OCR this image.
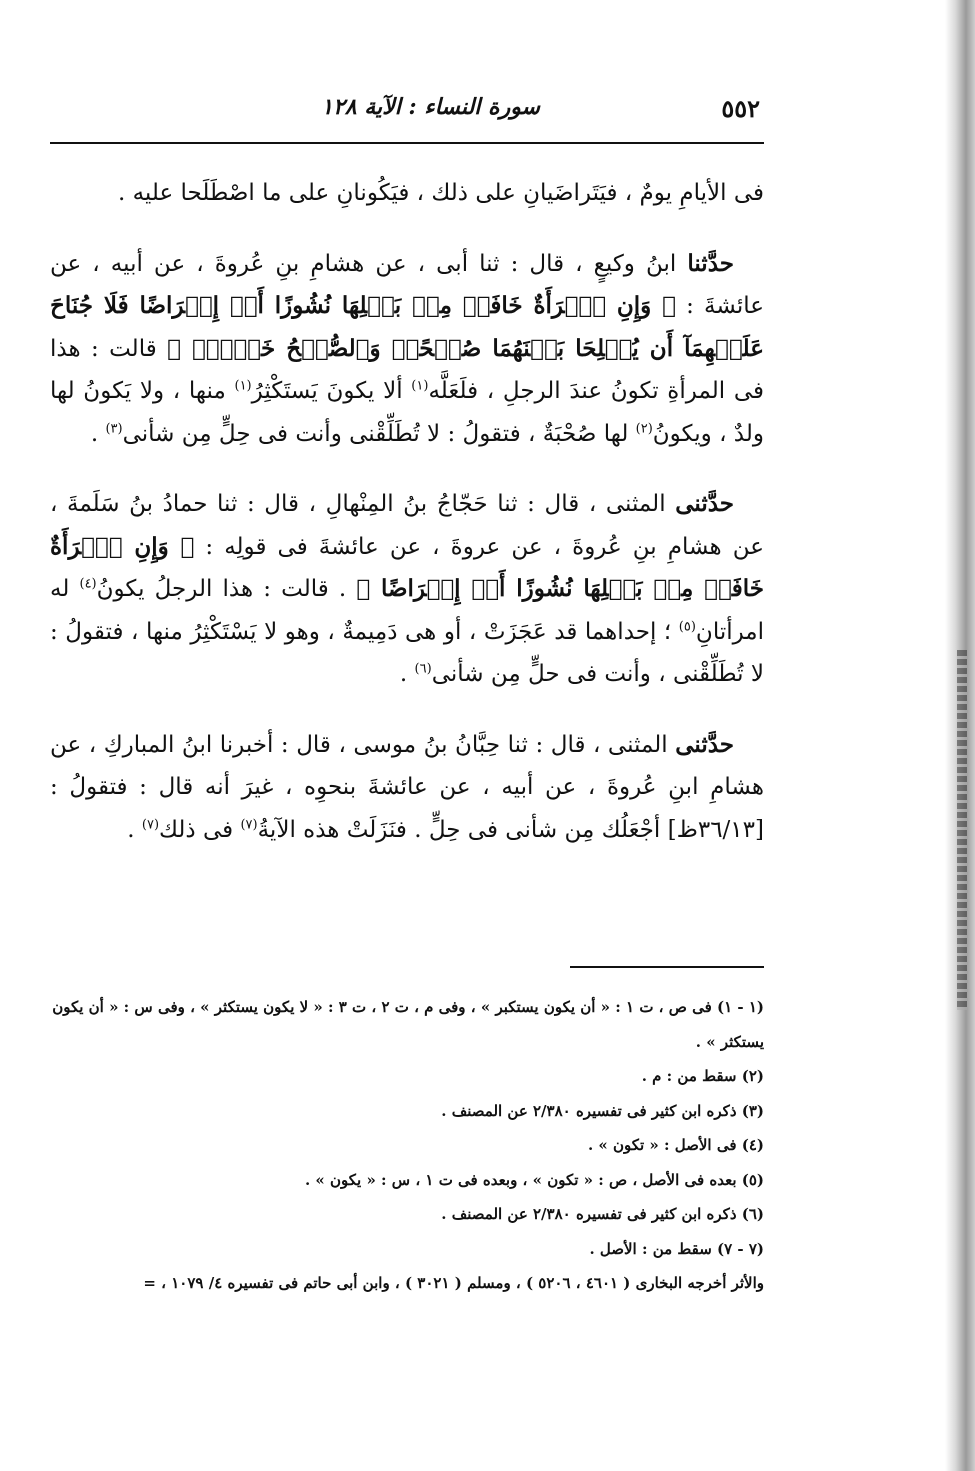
٥٥٢
سورة النساء : الآية ١٢٨

فى الأيامِ يومٌ ، فيَتَراضَيانِ على ذلك ، فيَكُونانِ على ما اصْطَلَحا عليه .

حدَّثنا ابنُ وكيعٍ ، قال : ثنا أبى ، عن هشامِ بنِ عُروةَ ، عن أبيه ، عن عائشةَ : ﴿ وَإِنِ ٱمۡرَأَةٌ خَافَتۡ مِنۢ بَعۡلِهَا نُشُوزًا أَوۡ إِعۡرَاضًا فَلَا جُنَاحَ عَلَيۡهِمَآ أَن يُصۡلِحَا بَيۡنَهُمَا صُلۡحًاۚ وَٱلصُّلۡحُ خَيۡرٞۗ ﴾ قالت : هذا فى المرأةِ تكونُ عندَ الرجلِ ، فلَعَلَّه$^{(١)}$ ألا يكونَ يَستَكْثِرُ$^{(١)}$ منها ، ولا يَكونُ لها ولدٌ ، ويكونُ$^{(٢)}$ لها صُحْبَةٌ ، فتقولُ : لا تُطَلِّقْنى وأنت فى حِلٍّ مِن شأنى$^{(٣)}$ .

حدَّثنى المثنى ، قال : ثنا حَجّاجُ بنُ المِنْهالِ ، قال : ثنا حمادُ بنُ سَلَمةَ ، عن هشامِ بنِ عُروةَ ، عن عروةَ ، عن عائشةَ فى قولِه : ﴿ وَإِنِ ٱمۡرَأَةٌ خَافَتۡ مِنۢ بَعۡلِهَا نُشُوزًا أَوۡ إِعۡرَاضًا ﴾ . قالت : هذا الرجلُ يكونُ$^{(٤)}$ له امرأتانِ$^{(٥)}$ ؛ إحداهما قد عَجَزَتْ ، أو هى دَمِيمةٌ ، وهو لا يَسْتَكْثِرُ منها ، فتقولُ : لا تُطَلِّقْنى ، وأنت فى حلٍّ مِن شأنى$^{(٦)}$ .

حدَّثنى المثنى ، قال : ثنا حِبَّانُ بنُ موسى ، قال : أخبرنا ابنُ المباركِ ، عن هشامِ ابنِ عُروةَ ، عن أبيه ، عن عائشةَ بنحوِه ، غيرَ أنه قال : فتقولُ : [٣٦/١٣ظ] أجْعَلُك مِن شأنى فى حِلٍّ . فنَزَلَتْ هذه الآيةُ$^{(٧)}$ فى ذلك$^{(٧)}$ .

(١ - ١) فى ص ، ت ١ : « أن يكون يستكبر » ، وفى م ، ت ٢ ، ت ٣ : « لا يكون يستكثر » ، وفى س : « أن يكون يستكثر » .

(٢) سقط من : م .

(٣) ذكره ابن كثير فى تفسيره ٢/٣٨٠ عن المصنف .

(٤) فى الأصل : « تكون » .

(٥) بعده فى الأصل ، ص : « تكون » ، وبعده فى ت ١ ، س : « يكون » .

(٦) ذكره ابن كثير فى تفسيره ٢/٣٨٠ عن المصنف .

(٧ - ٧) سقط من : الأصل .

والأثر أخرجه البخارى ( ٤٦٠١ ، ٥٢٠٦ ) ، ومسلم ( ٣٠٢١ ) ، وابن أبى حاتم فى تفسيره ٤/ ١٠٧٩ ، =
